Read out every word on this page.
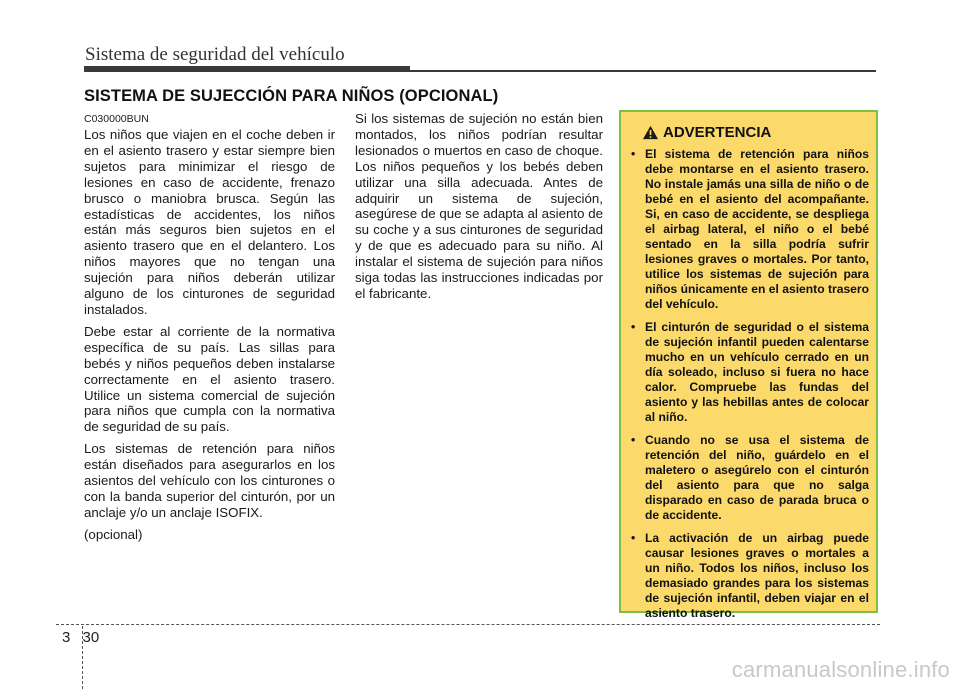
Sistema de seguridad del vehículo
SISTEMA DE SUJECCIÓN PARA NIÑOS (OPCIONAL)
C030000BUN

Los niños que viajen en el coche deben ir en el asiento trasero y estar siempre bien sujetos para minimizar el riesgo de lesiones en caso de accidente, frenazo brusco o maniobra brusca. Según las estadísticas de accidentes, los niños están más seguros bien sujetos en el asiento trasero que en el delantero. Los niños mayores que no tengan una sujeción para niños deberán utilizar alguno de los cinturones de seguridad instalados.

Debe estar al corriente de la normativa específica de su país. Las sillas para bebés y niños pequeños deben instalarse correctamente en el asiento trasero. Utilice un sistema comercial de sujeción para niños que cumpla con la normativa de seguridad de su país.

Los sistemas de retención para niños están diseñados para asegurarlos en los asientos del vehículo con los cinturones o con la banda superior del cinturón, por un anclaje y/o un anclaje ISOFIX.

(opcional)

Si los sistemas de sujeción no están bien montados, los niños podrían resultar lesionados o muertos en caso de choque. Los niños pequeños y los bebés deben utilizar una silla adecuada. Antes de adquirir un sistema de sujeción, asegúrese de que se adapta al asiento de su coche y a sus cinturones de seguridad y de que es adecuado para su niño. Al instalar el sistema de sujeción para niños siga todas las instrucciones indicadas por el fabricante.

ADVERTENCIA
• El sistema de retención para niños debe montarse en el asiento trasero. No instale jamás una silla de niño o de bebé en el asiento del acompañante. Si, en caso de accidente, se despliega el airbag lateral, el niño o el bebé sentado en la silla podría sufrir lesiones graves o mortales. Por tanto, utilice los sistemas de sujeción para niños únicamente en el asiento trasero del vehículo.
• El cinturón de seguridad o el sistema de sujeción infantil pueden calentarse mucho en un vehículo cerrado en un día soleado, incluso si fuera no hace calor. Compruebe las fundas del asiento y las hebillas antes de colocar al niño.
• Cuando no se usa el sistema de retención del niño, guárdelo en el maletero o asegúrelo con el cinturón del asiento para que no salga disparado en caso de parada bruca o de accidente.
• La activación de un airbag puede causar lesiones graves o mortales a un niño. Todos los niños, incluso los demasiado grandes para los sistemas de sujeción infantil, deben viajar en el asiento trasero.
3 30
carmanualsonline.info
